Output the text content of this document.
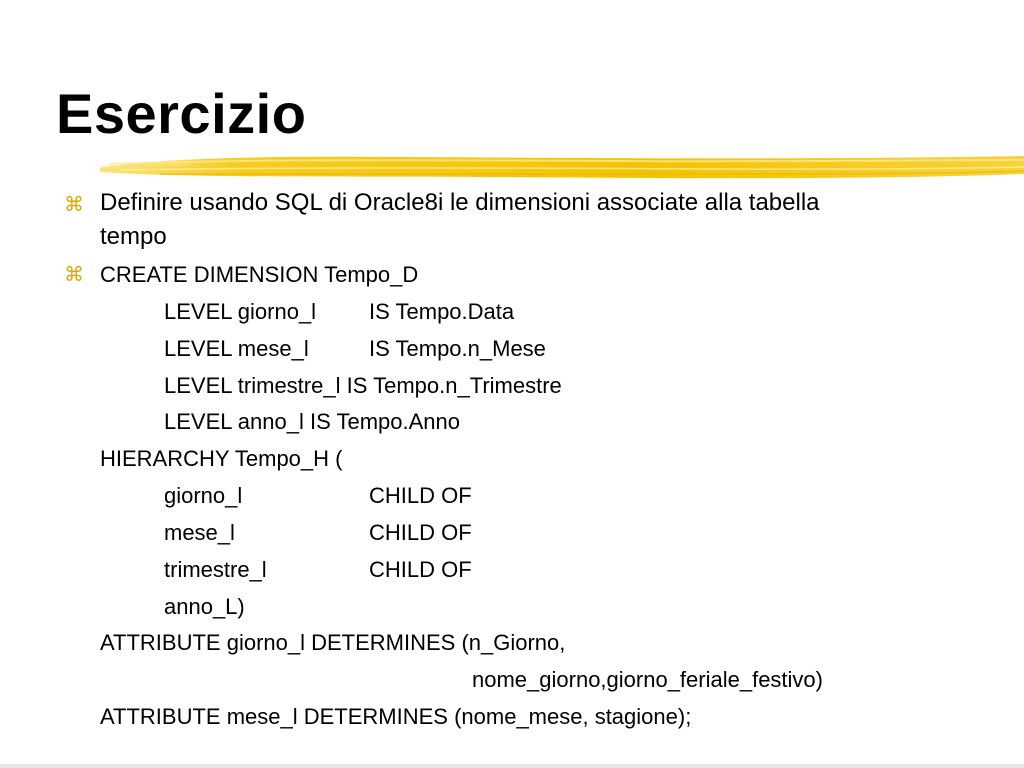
Esercizio
⌘ Definire usando SQL di Oracle8i le dimensioni associate alla tabella
tempo
⌘ CREATE DIMENSION Tempo_D
LEVEL giorno_l IS Tempo.Data
LEVEL mese_l	IS Tempo.n_Mese
LEVEL trimestre_l IS Tempo.n_Trimestre
LEVEL anno_l IS Tempo.Anno
HIERARCHY Tempo_H (
giorno_l	CHILD OF
mese_l	CHILD OF
trimestre_l	CHILD OF
anno_L)
ATTRIBUTE giorno_l DETERMINES (n_Giorno,
nome_giorno,giorno_feriale_festivo)
ATTRIBUTE mese_l DETERMINES (nome_mese, stagione);
